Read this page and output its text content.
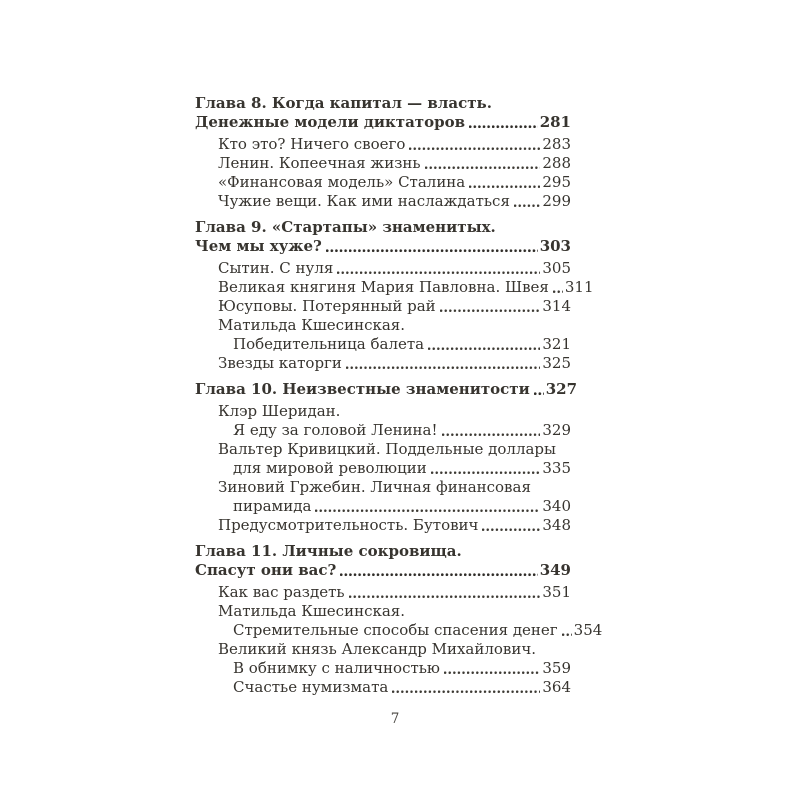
Глава 8. Когда капитал — власть.
Денежные модели диктаторов	281
Кто это? Ничего своего	283
Ленин. Копеечная жизнь	288
«Финансовая модель» Сталина	295
Чужие вещи. Как ими наслаждаться 299
Глава 9. «Стартапы» знаменитых.
Чем мы хуже?	303
Сытин. С нуля	305
Великая княгиня Мария Павловна. Швея 311
Юсуповы. Потерянный рай	314
Матильда Кшесинская.
Победительница балета	321
Звезды каторги	325
Глава 10. Неизвестные знаменитости 327
Клэр Шеридан.
Я еду за головой Ленина!	329
Вальтер Кривицкий. Поддельные доллары
для мировой революции	335
Зиновий Гржебин. Личная финансовая
пирамида	340
Предусмотрительность. Бутович	348
Глава 11. Личные сокровища.
Спасут они вас?	349
Как вас раздеть	351
Матильда Кшесинская.
Стремительные способы спасения денег 354
Великий князь Александр Михайлович.
В обнимку с наличностью	359
Счастье нумизмата	364
7
